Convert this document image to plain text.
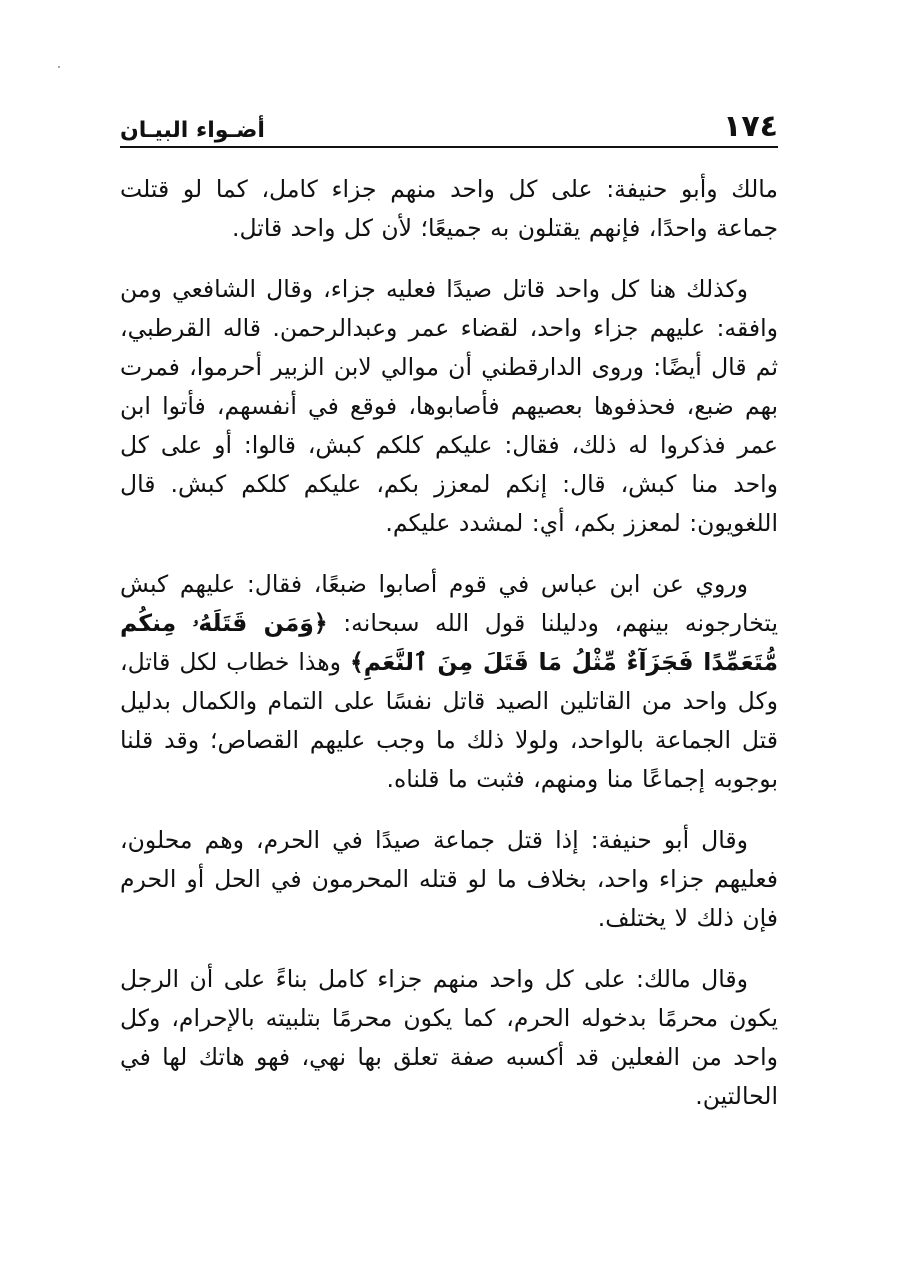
١٧٤
أضـواء البيـان

مالك وأبو حنيفة: على كل واحد منهم جزاء كامل، كما لو قتلت جماعة واحدًا، فإنهم يقتلون به جميعًا؛ لأن كل واحد قاتل.

وكذلك هنا كل واحد قاتل صيدًا فعليه جزاء، وقال الشافعي ومن وافقه: عليهم جزاء واحد، لقضاء عمر وعبدالرحمن. قاله القرطبي، ثم قال أيضًا: وروى الدارقطني أن موالي لابن الزبير أحرموا، فمرت بهم ضبع، فحذفوها بعصيهم فأصابوها، فوقع في أنفسهم، فأتوا ابن عمر فذكروا له ذلك، فقال: عليكم كلكم كبش، قالوا: أو على كل واحد منا كبش، قال: إنكم لمعزز بكم، عليكم كلكم كبش. قال اللغويون: لمعزز بكم، أي: لمشدد عليكم.

وروي عن ابن عباس في قوم أصابوا ضبعًا، فقال: عليهم كبش يتخارجونه بينهم، ودليلنا قول الله سبحانه: ﴿وَمَن قَتَلَهُۥ مِنكُم مُّتَعَمِّدًا فَجَزَآءٌ مِّثْلُ مَا قَتَلَ مِنَ ٱلنَّعَمِ﴾ وهذا خطاب لكل قاتل، وكل واحد من القاتلين الصيد قاتل نفسًا على التمام والكمال بدليل قتل الجماعة بالواحد، ولولا ذلك ما وجب عليهم القصاص؛ وقد قلنا بوجوبه إجماعًا منا ومنهم، فثبت ما قلناه.

وقال أبو حنيفة: إذا قتل جماعة صيدًا في الحرم، وهم محلون، فعليهم جزاء واحد، بخلاف ما لو قتله المحرمون في الحل أو الحرم فإن ذلك لا يختلف.

وقال مالك: على كل واحد منهم جزاء كامل بناءً على أن الرجل يكون محرمًا بدخوله الحرم، كما يكون محرمًا بتلبيته بالإحرام، وكل واحد من الفعلين قد أكسبه صفة تعلق بها نهي، فهو هاتك لها في الحالتين.
